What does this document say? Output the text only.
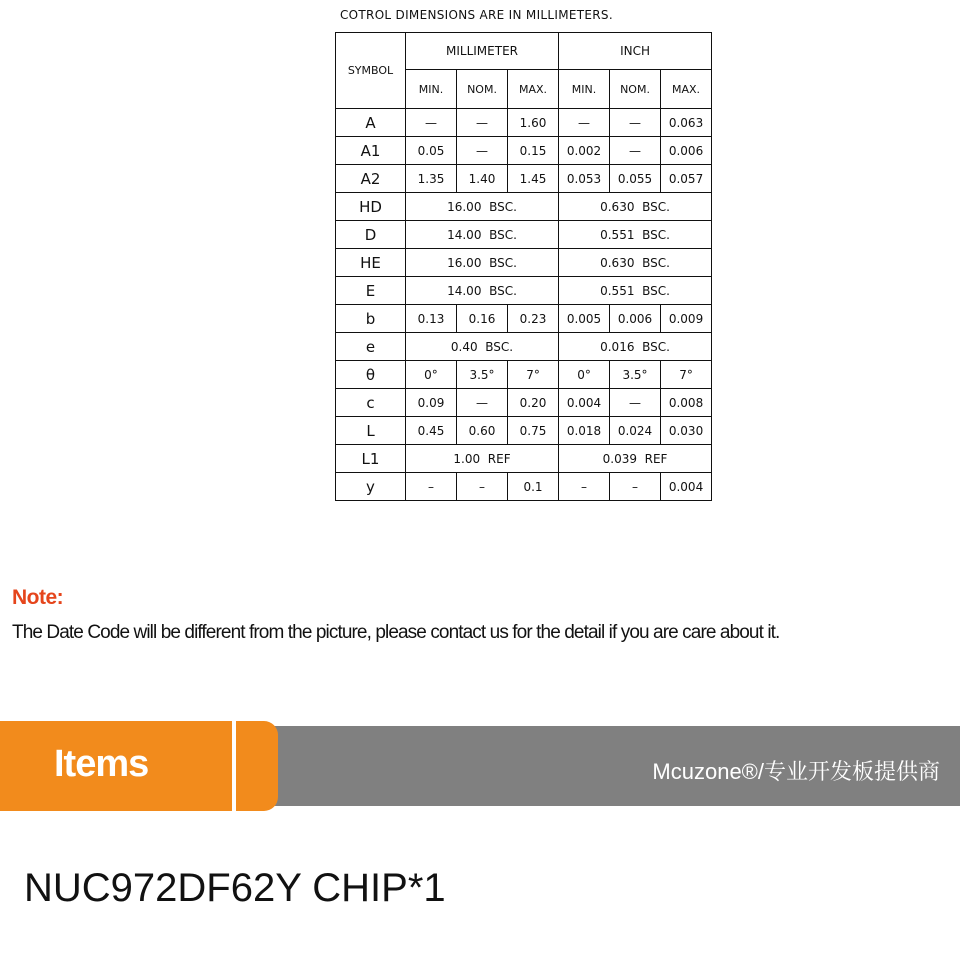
COTROL DIMENSIONS ARE IN MILLIMETERS.
SYMBOL	MILLIMETER			INCH		
	MIN.	NOM.	MAX.	MIN.	NOM.	MAX.
A	—	—	1.60	—	—	0.063
A1	0.05	—	0.15	0.002	—	0.006
A2	1.35	1.40	1.45	0.053	0.055	0.057
HD	16.00  BSC.			0.630  BSC.		
D	14.00  BSC.			0.551  BSC.		
HE	16.00  BSC.			0.630  BSC.		
E	14.00  BSC.			0.551  BSC.		
b	0.13	0.16	0.23	0.005	0.006	0.009
e	0.40  BSC.			0.016  BSC.		
θ	0°	3.5°	7°	0°	3.5°	7°
c	0.09	—	0.20	0.004	—	0.008
L	0.45	0.60	0.75	0.018	0.024	0.030
L1	1.00  REF			0.039  REF		
y	–	–	0.1	–	–	0.004
Note:
The Date Code will be different from the picture, please contact us for the detail if you are care about it.
Items	Mcuzone®/专业开发板提供商
NUC972DF62Y CHIP*1
